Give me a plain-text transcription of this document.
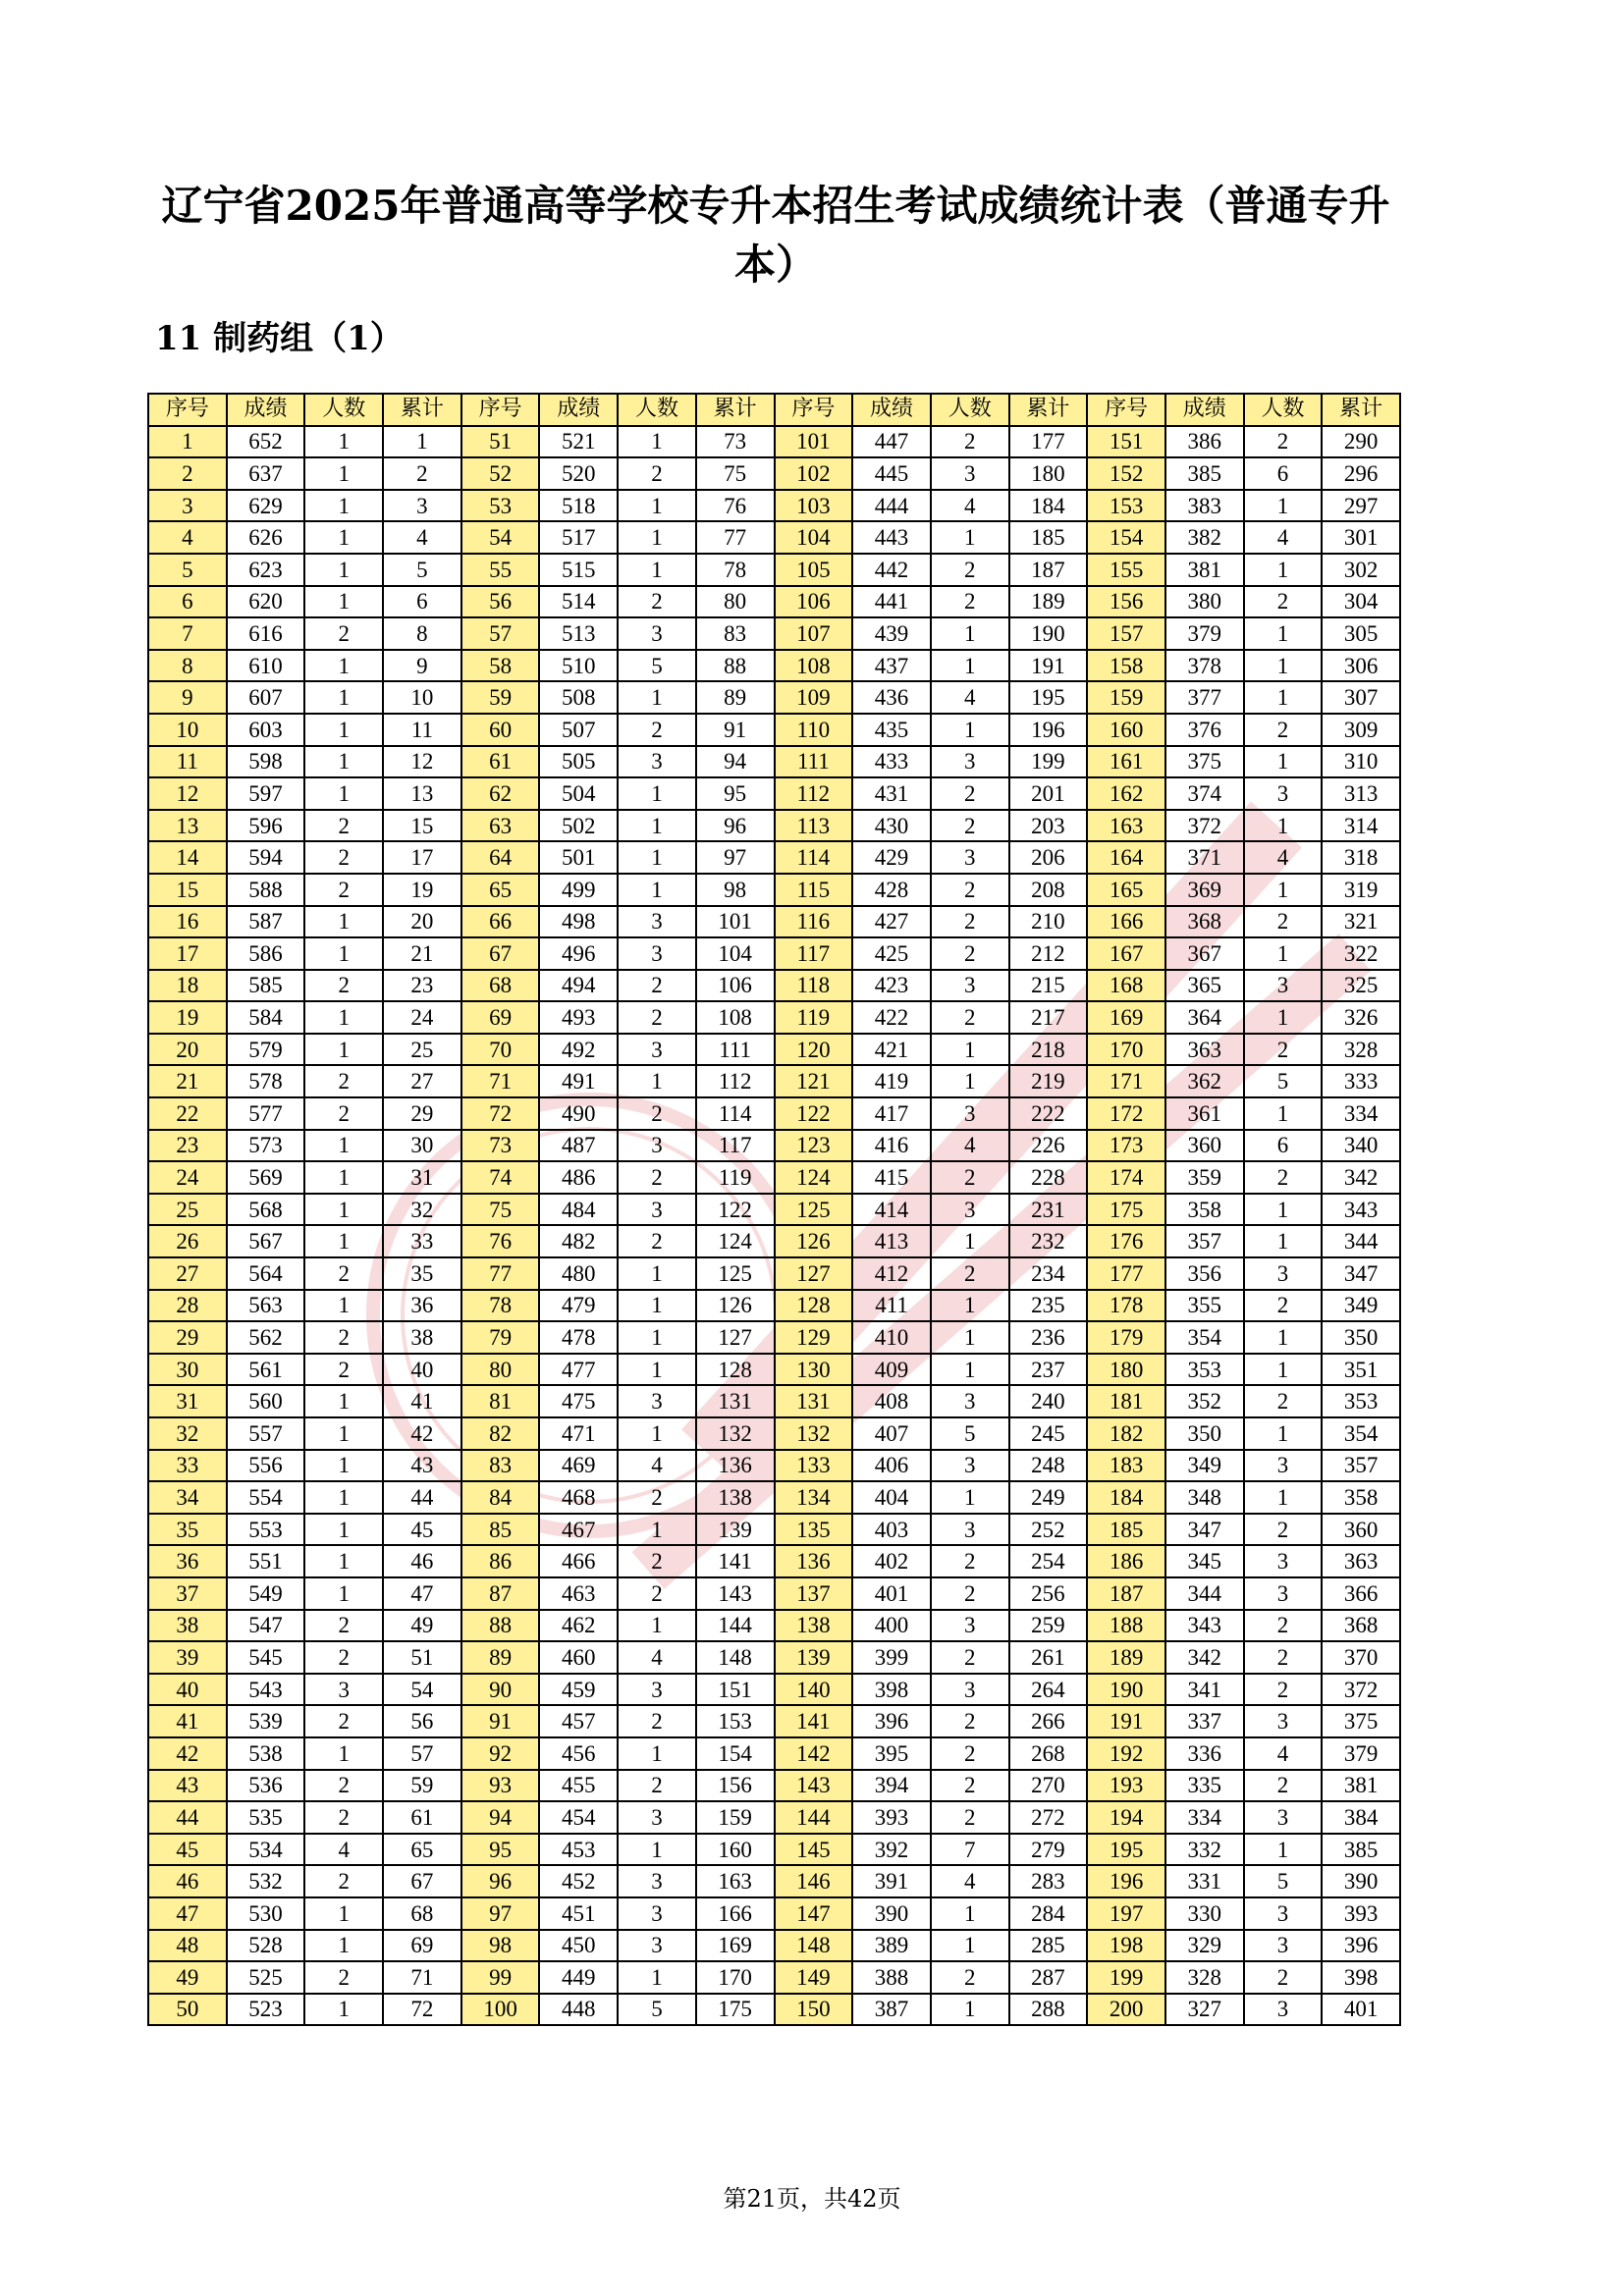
辽宁省2025年普通高等学校专升本招生考试成绩统计表（普通专升本）
11 制药组（1）
序号	成绩	人数	累计	序号	成绩	人数	累计	序号	成绩	人数	累计	序号	成绩	人数	累计
1	652	1	1	51	521	1	73	101	447	2	177	151	386	2	290
2	637	1	2	52	520	2	75	102	445	3	180	152	385	6	296
3	629	1	3	53	518	1	76	103	444	4	184	153	383	1	297
4	626	1	4	54	517	1	77	104	443	1	185	154	382	4	301
5	623	1	5	55	515	1	78	105	442	2	187	155	381	1	302
6	620	1	6	56	514	2	80	106	441	2	189	156	380	2	304
7	616	2	8	57	513	3	83	107	439	1	190	157	379	1	305
8	610	1	9	58	510	5	88	108	437	1	191	158	378	1	306
9	607	1	10	59	508	1	89	109	436	4	195	159	377	1	307
10	603	1	11	60	507	2	91	110	435	1	196	160	376	2	309
11	598	1	12	61	505	3	94	111	433	3	199	161	375	1	310
12	597	1	13	62	504	1	95	112	431	2	201	162	374	3	313
13	596	2	15	63	502	1	96	113	430	2	203	163	372	1	314
14	594	2	17	64	501	1	97	114	429	3	206	164	371	4	318
15	588	2	19	65	499	1	98	115	428	2	208	165	369	1	319
16	587	1	20	66	498	3	101	116	427	2	210	166	368	2	321
17	586	1	21	67	496	3	104	117	425	2	212	167	367	1	322
18	585	2	23	68	494	2	106	118	423	3	215	168	365	3	325
19	584	1	24	69	493	2	108	119	422	2	217	169	364	1	326
20	579	1	25	70	492	3	111	120	421	1	218	170	363	2	328
21	578	2	27	71	491	1	112	121	419	1	219	171	362	5	333
22	577	2	29	72	490	2	114	122	417	3	222	172	361	1	334
23	573	1	30	73	487	3	117	123	416	4	226	173	360	6	340
24	569	1	31	74	486	2	119	124	415	2	228	174	359	2	342
25	568	1	32	75	484	3	122	125	414	3	231	175	358	1	343
26	567	1	33	76	482	2	124	126	413	1	232	176	357	1	344
27	564	2	35	77	480	1	125	127	412	2	234	177	356	3	347
28	563	1	36	78	479	1	126	128	411	1	235	178	355	2	349
29	562	2	38	79	478	1	127	129	410	1	236	179	354	1	350
30	561	2	40	80	477	1	128	130	409	1	237	180	353	1	351
31	560	1	41	81	475	3	131	131	408	3	240	181	352	2	353
32	557	1	42	82	471	1	132	132	407	5	245	182	350	1	354
33	556	1	43	83	469	4	136	133	406	3	248	183	349	3	357
34	554	1	44	84	468	2	138	134	404	1	249	184	348	1	358
35	553	1	45	85	467	1	139	135	403	3	252	185	347	2	360
36	551	1	46	86	466	2	141	136	402	2	254	186	345	3	363
37	549	1	47	87	463	2	143	137	401	2	256	187	344	3	366
38	547	2	49	88	462	1	144	138	400	3	259	188	343	2	368
39	545	2	51	89	460	4	148	139	399	2	261	189	342	2	370
40	543	3	54	90	459	3	151	140	398	3	264	190	341	2	372
41	539	2	56	91	457	2	153	141	396	2	266	191	337	3	375
42	538	1	57	92	456	1	154	142	395	2	268	192	336	4	379
43	536	2	59	93	455	2	156	143	394	2	270	193	335	2	381
44	535	2	61	94	454	3	159	144	393	2	272	194	334	3	384
45	534	4	65	95	453	1	160	145	392	7	279	195	332	1	385
46	532	2	67	96	452	3	163	146	391	4	283	196	331	5	390
47	530	1	68	97	451	3	166	147	390	1	284	197	330	3	393
48	528	1	69	98	450	3	169	148	389	1	285	198	329	3	396
49	525	2	71	99	449	1	170	149	388	2	287	199	328	2	398
50	523	1	72	100	448	5	175	150	387	1	288	200	327	3	401

第21页，共42页
